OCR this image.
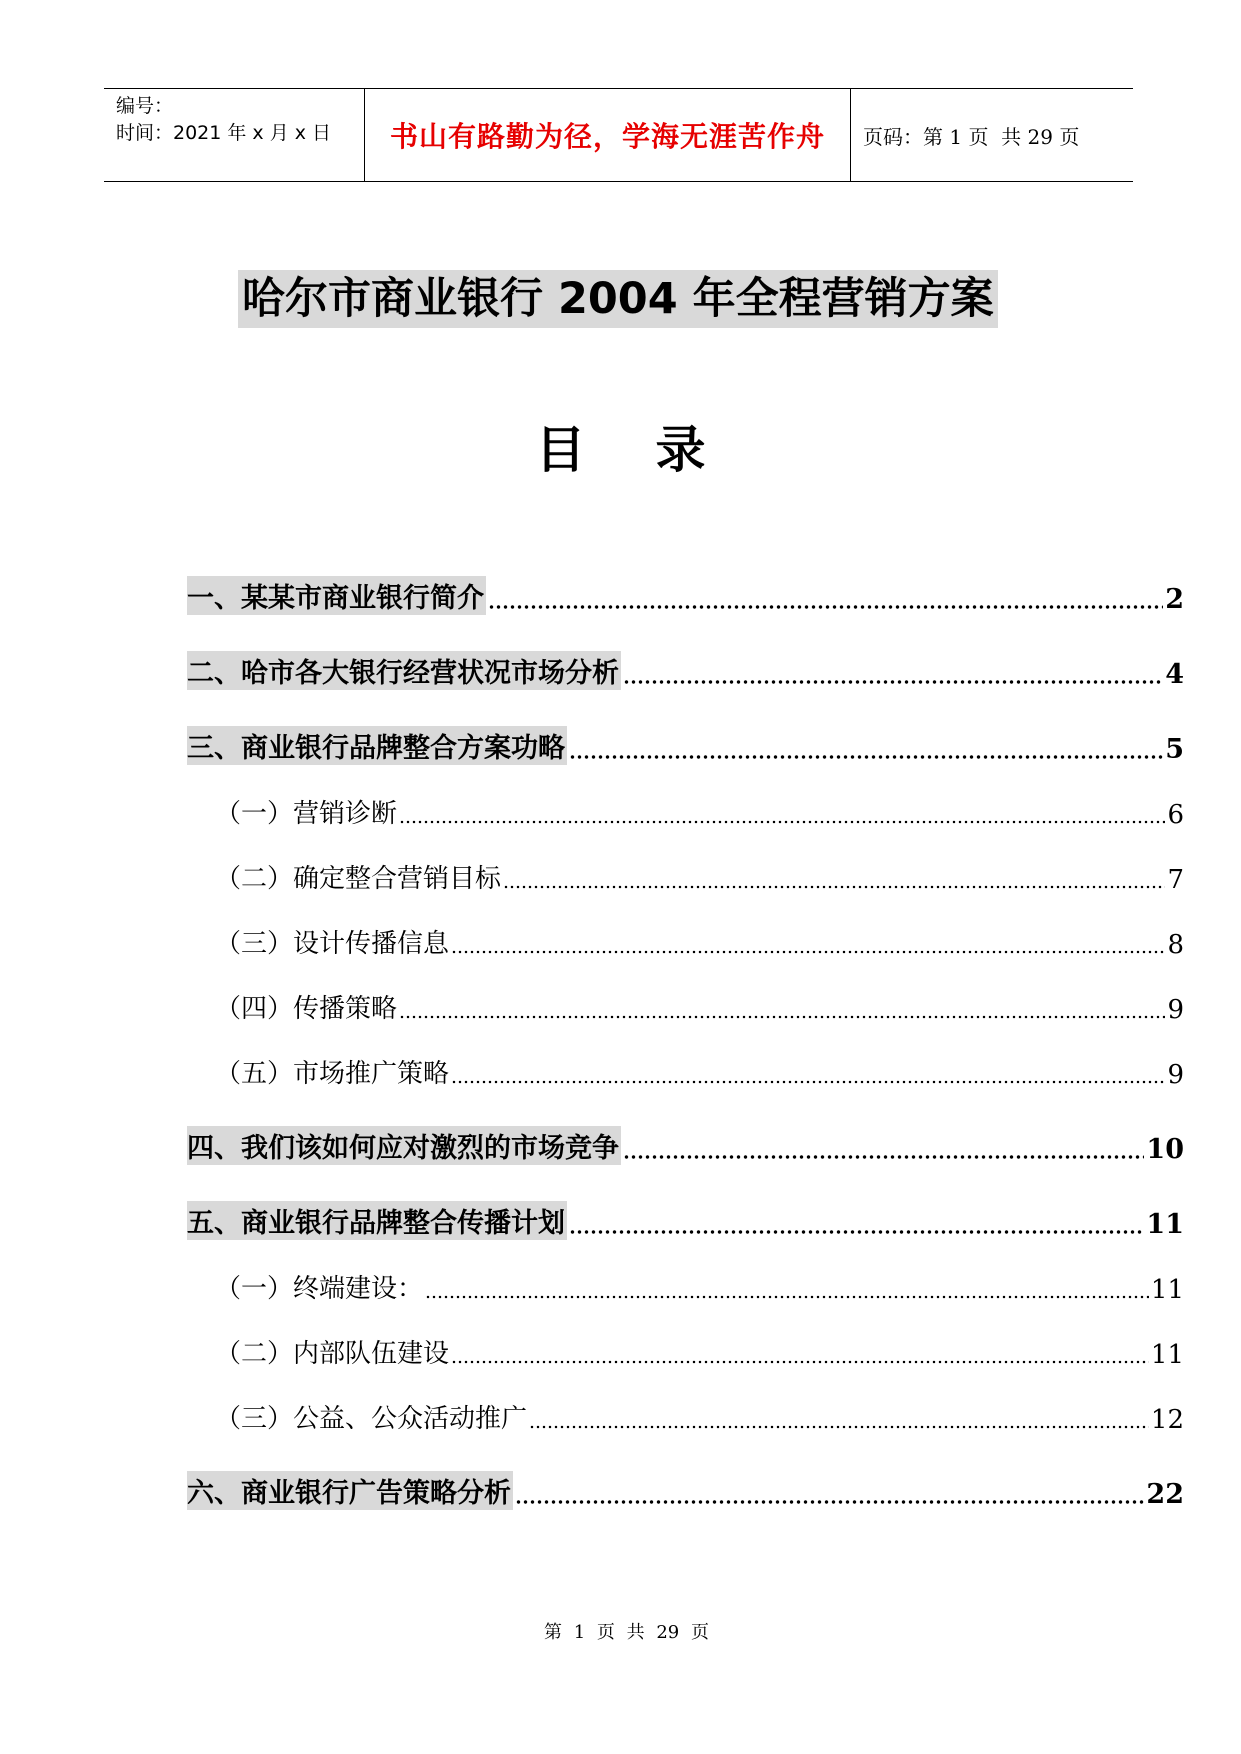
编号：
时间：2021 年 x 月 x 日	书山有路勤为径，学海无涯苦作舟	页码：第 1 页  共 29 页
哈尔市商业银行 2004 年全程营销方案
目录
一、某某市商业银行简介	2
二、哈市各大银行经营状况市场分析	4
三、商业银行品牌整合方案功略	5
（一）营销诊断	6
（二）确定整合营销目标	7
（三）设计传播信息	8
（四）传播策略	9
（五）市场推广策略	9
四、我们该如何应对激烈的市场竞争	10
五、商业银行品牌整合传播计划	11
（一）终端建设：	11
（二）内部队伍建设	11
（三）公益、公众活动推广	12
六、商业银行广告策略分析	22
第 1 页 共 29 页
